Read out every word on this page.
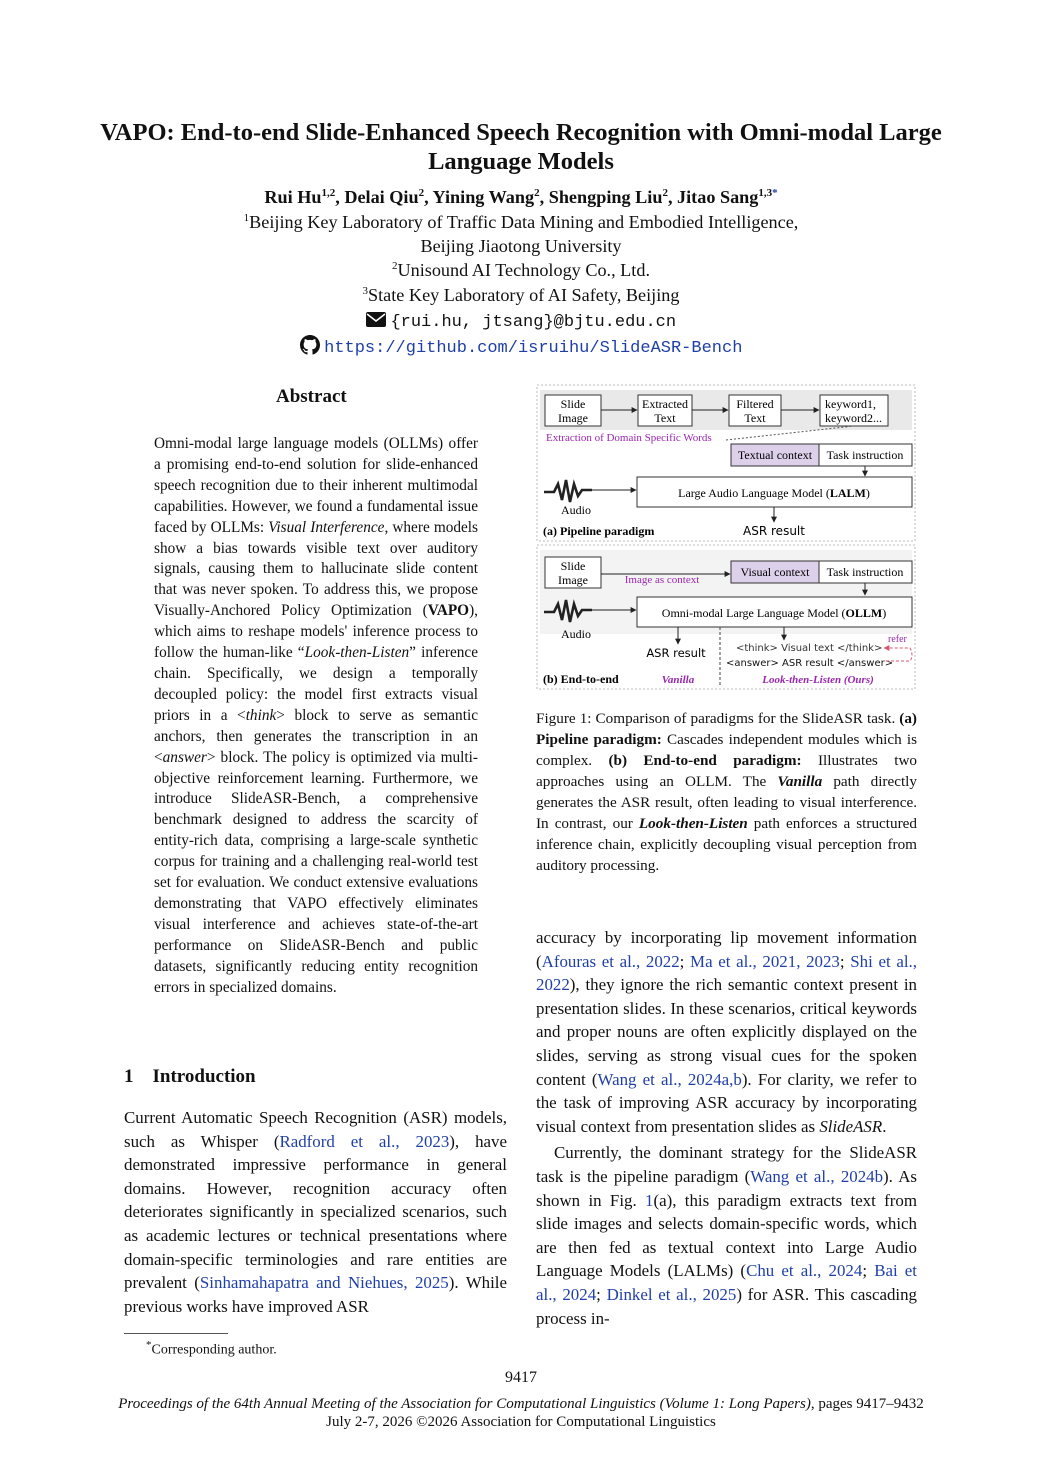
VAPO: End-to-end Slide-Enhanced Speech Recognition with Omni-modal Large Language Models
Rui Hu$^{1,2}$, Delai Qiu$^2$, Yining Wang$^2$, Shengping Liu$^2$, Jitao Sang$^{1,3*}$
$^1$Beijing Key Laboratory of Traffic Data Mining and Embodied Intelligence,
Beijing Jiaotong University
$^2$Unisound AI Technology Co., Ltd.
$^3$State Key Laboratory of AI Safety, Beijing
{rui.hu, jtsang}@bjtu.edu.cn
https://github.com/isruihu/SlideASR-Bench
Abstract
Omni-modal large language models (OLLMs) offer a promising end-to-end solution for slide-enhanced speech recognition due to their inherent multimodal capabilities. However, we found a fundamental issue faced by OLLMs: Visual Interference, where models show a bias towards visible text over auditory signals, causing them to hallucinate slide content that was never spoken. To address this, we propose Visually-Anchored Policy Optimization (VAPO), which aims to reshape models' inference process to follow the human-like “Look-then-Listen” inference chain. Specifically, we design a temporally decoupled policy: the model first extracts visual priors in a <think> block to serve as semantic anchors, then generates the transcription in an <answer> block. The policy is optimized via multi-objective reinforcement learning. Furthermore, we introduce SlideASR-Bench, a comprehensive benchmark designed to address the scarcity of entity-rich data, comprising a large-scale synthetic corpus for training and a challenging real-world test set for evaluation. We conduct extensive evaluations demonstrating that VAPO effectively eliminates visual interference and achieves state-of-the-art performance on SlideASR-Bench and public datasets, significantly reducing entity recognition errors in specialized domains.
1 Introduction
Current Automatic Speech Recognition (ASR) models, such as Whisper (Radford et al., 2023), have demonstrated impressive performance in general domains. However, recognition accuracy often deteriorates significantly in specialized scenarios, such as academic lectures or technical presentations where domain-specific terminologies and rare entities are prevalent (Sinhamahapatra and Niehues, 2025). While previous works have improved ASR
*Corresponding author.
Slide
Image
Extracted
Text
Filtered
Text
keyword1,
keyword2...
Extraction of Domain Specific Words
Textual context Task instruction
Audio
Large Audio Language Model (LALM)
(a) Pipeline paradigm	ASR result
Slide
Image	Image as context
Visual context Task instruction
Audio
Omni-modal Large Language Model (OLLM)
ASR result	<think> Visual text </think>
<answer> ASR result </answer>
refer
(b) End-to-end	Vanilla	Look-then-Listen (Ours)
Figure 1: Comparison of paradigms for the SlideASR task. (a) Pipeline paradigm: Cascades independent modules which is complex. (b) End-to-end paradigm: Illustrates two approaches using an OLLM. The Vanilla path directly generates the ASR result, often leading to visual interference. In contrast, our Look-then-Listen path enforces a structured inference chain, explicitly decoupling visual perception from auditory processing.

accuracy by incorporating lip movement information (Afouras et al., 2022; Ma et al., 2021, 2023; Shi et al., 2022), they ignore the rich semantic context present in presentation slides. In these scenarios, critical keywords and proper nouns are often explicitly displayed on the slides, serving as strong visual cues for the spoken content (Wang et al., 2024a,b). For clarity, we refer to the task of improving ASR accuracy by incorporating visual context from presentation slides as SlideASR.

Currently, the dominant strategy for the SlideASR task is the pipeline paradigm (Wang et al., 2024b). As shown in Fig. 1(a), this paradigm extracts text from slide images and selects domain-specific words, which are then fed as textual context into Large Audio Language Models (LALMs) (Chu et al., 2024; Bai et al., 2024; Dinkel et al., 2025) for ASR. This cascading process in-

9417
Proceedings of the 64th Annual Meeting of the Association for Computational Linguistics (Volume 1: Long Papers), pages 9417–9432
July 2-7, 2026 ©2026 Association for Computational Linguistics
